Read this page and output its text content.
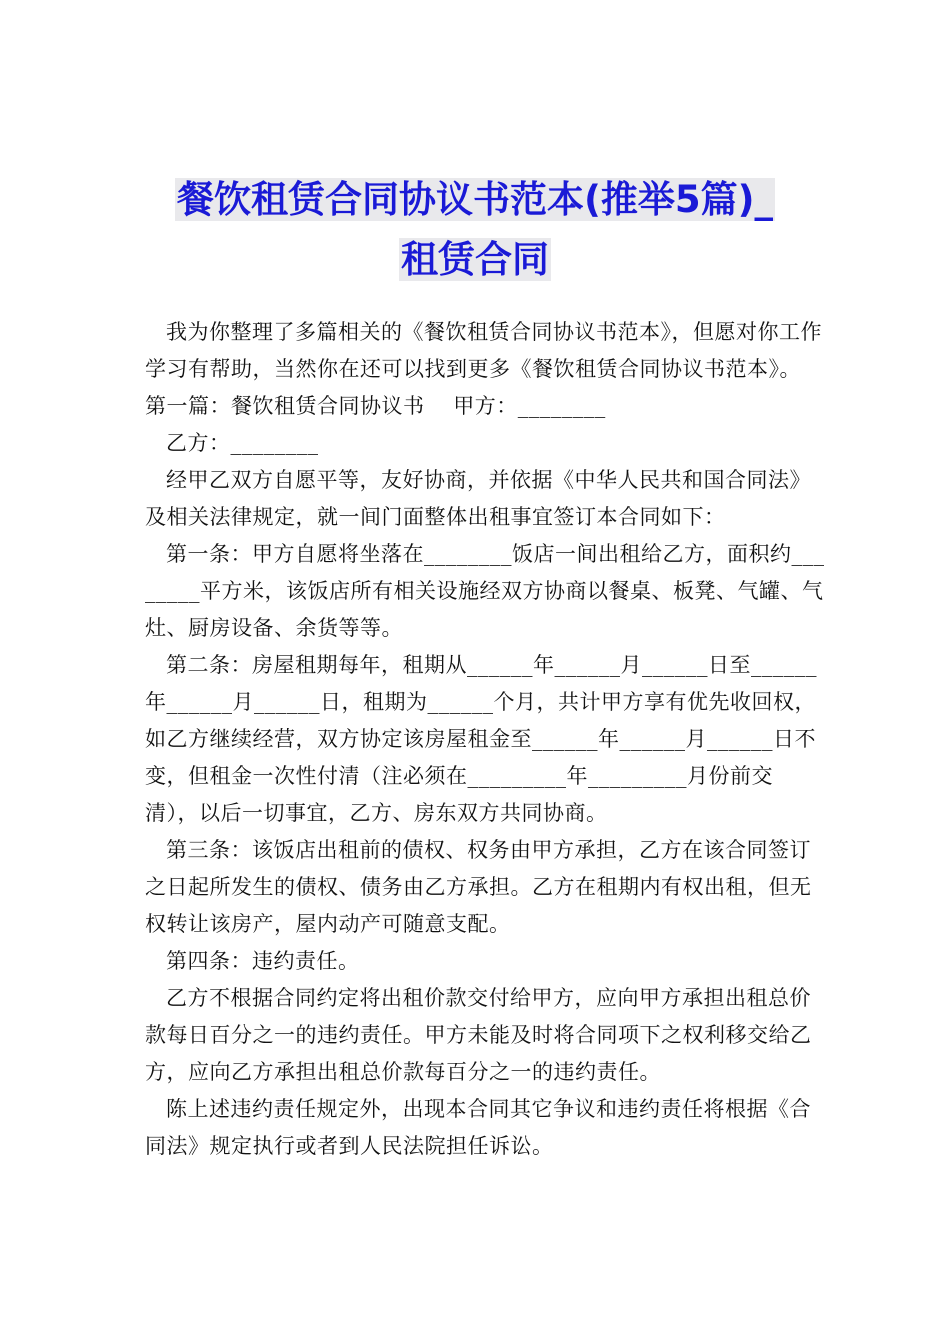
餐饮租赁合同协议书范本(推举5篇)_
租赁合同

我为你整理了多篇相关的《餐饮租赁合同协议书范本》，但愿对你工作学习有帮助，当然你在还可以找到更多《餐饮租赁合同协议书范本》。

第一篇：餐饮租赁合同协议书    甲方：________

乙方：________

经甲乙双方自愿平等，友好协商，并依据《中华人民共和国合同法》及相关法律规定，就一间门面整体出租事宜签订本合同如下：

第一条：甲方自愿将坐落在________饭店一间出租给乙方，面积约________平方米，该饭店所有相关设施经双方协商以餐桌、板凳、气罐、气灶、厨房设备、余货等等。

第二条：房屋租期每年，租期从______年______月______日至______年______月______日，租期为______个月，共计甲方享有优先收回权，如乙方继续经营，双方协定该房屋租金至______年______月______日不变，但租金一次性付清（注必须在_________年_________月份前交清），以后一切事宜，乙方、房东双方共同协商。

第三条：该饭店出租前的债权、权务由甲方承担，乙方在该合同签订之日起所发生的债权、债务由乙方承担。乙方在租期内有权出租，但无权转让该房产，屋内动产可随意支配。

第四条：违约责任。

乙方不根据合同约定将出租价款交付给甲方，应向甲方承担出租总价款每日百分之一的违约责任。甲方未能及时将合同项下之权利移交给乙方，应向乙方承担出租总价款每百分之一的违约责任。

陈上述违约责任规定外，出现本合同其它争议和违约责任将根据《合同法》规定执行或者到人民法院担任诉讼。
